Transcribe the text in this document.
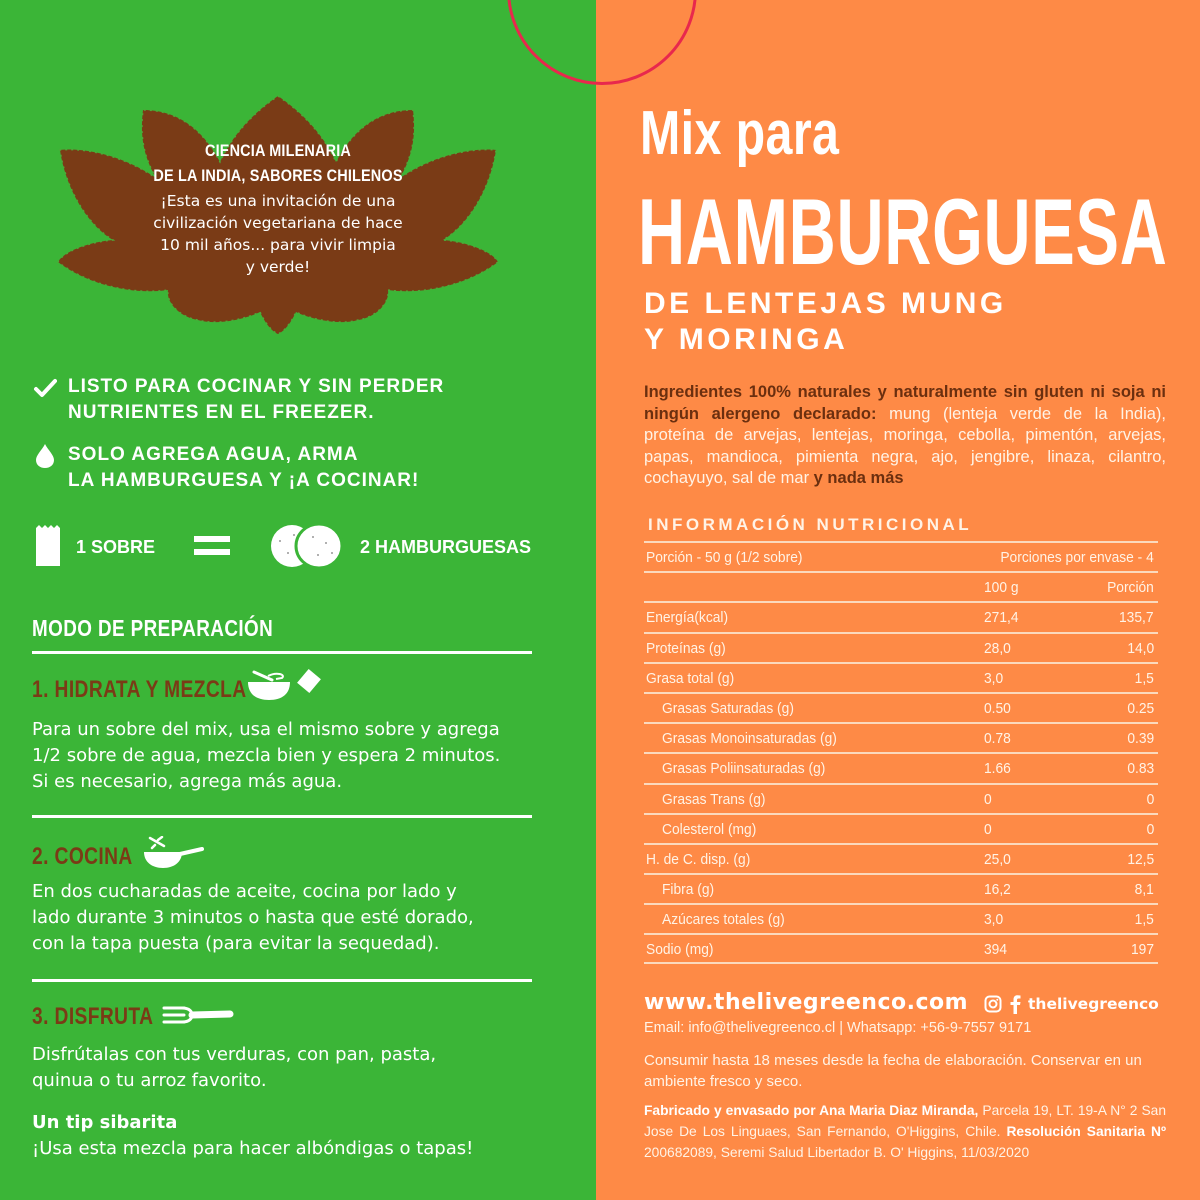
CIENCIA MILENARIA
DE LA INDIA, SABORES CHILENOS
¡Esta es una invitación de una
civilización vegetariana de hace
10 mil años... para vivir limpia
y verde!
LISTO PARA COCINAR Y SIN PERDER
NUTRIENTES EN EL FREEZER.
SOLO AGREGA AGUA, ARMA
LA HAMBURGUESA Y ¡A COCINAR!
1 SOBRE	2 HAMBURGUESAS
MODO DE PREPARACIÓN
1. HIDRATA Y MEZCLA
Para un sobre del mix, usa el mismo sobre y agrega
1/2 sobre de agua, mezcla bien y espera 2 minutos.
Si es necesario, agrega más agua.
2. COCINA
En dos cucharadas de aceite, cocina por lado y
lado durante 3 minutos o hasta que esté dorado,
con la tapa puesta (para evitar la sequedad).
3. DISFRUTA
Disfrútalas con tus verduras, con pan, pasta,
quinua o tu arroz favorito.
Un tip sibarita
¡Usa esta mezcla para hacer albóndigas o tapas!
Mix para
HAMBURGUESA
DE LENTEJAS MUNG
Y MORINGA
Ingredientes 100% naturales y naturalmente sin gluten ni soja ni ningún alergeno declarado: mung (lenteja verde de la India), proteína de arvejas, lentejas, moringa, cebolla, pimentón, arvejas, papas, mandioca, pimienta negra, ajo, jengibre, linaza, cilantro, cochayuyo, sal de mar y nada más
INFORMACIÓN NUTRICIONAL
Porción - 50 g (1/2 sobre)	Porciones por envase - 4
100 g	Porción
Energía(kcal)	271,4	135,7
Proteínas (g)	28,0	14,0
Grasa total (g)	3,0	1,5
Grasas Saturadas (g)	0.50	0.25
Grasas Monoinsaturadas (g)	0.78	0.39
Grasas Poliinsaturadas (g)	1.66	0.83
Grasas Trans (g)	0	0
Colesterol (mg)	0	0
H. de C. disp. (g)	25,0	12,5
Fibra (g)	16,2	8,1
Azúcares totales (g)	3,0	1,5
Sodio (mg)	394	197
www.thelivegreenco.com	thelivegreenco
Email: info@thelivegreenco.cl | Whatsapp: +56-9-7557 9171
Consumir hasta 18 meses desde la fecha de elaboración. Conservar en un ambiente fresco y seco.
Fabricado y envasado por Ana Maria Diaz Miranda, Parcela 19, LT. 19-A N° 2 San Jose De Los Linguaes, San Fernando, O'Higgins, Chile. Resolución Sanitaria Nº 200682089, Seremi Salud Libertador B. O' Higgins, 11/03/2020
